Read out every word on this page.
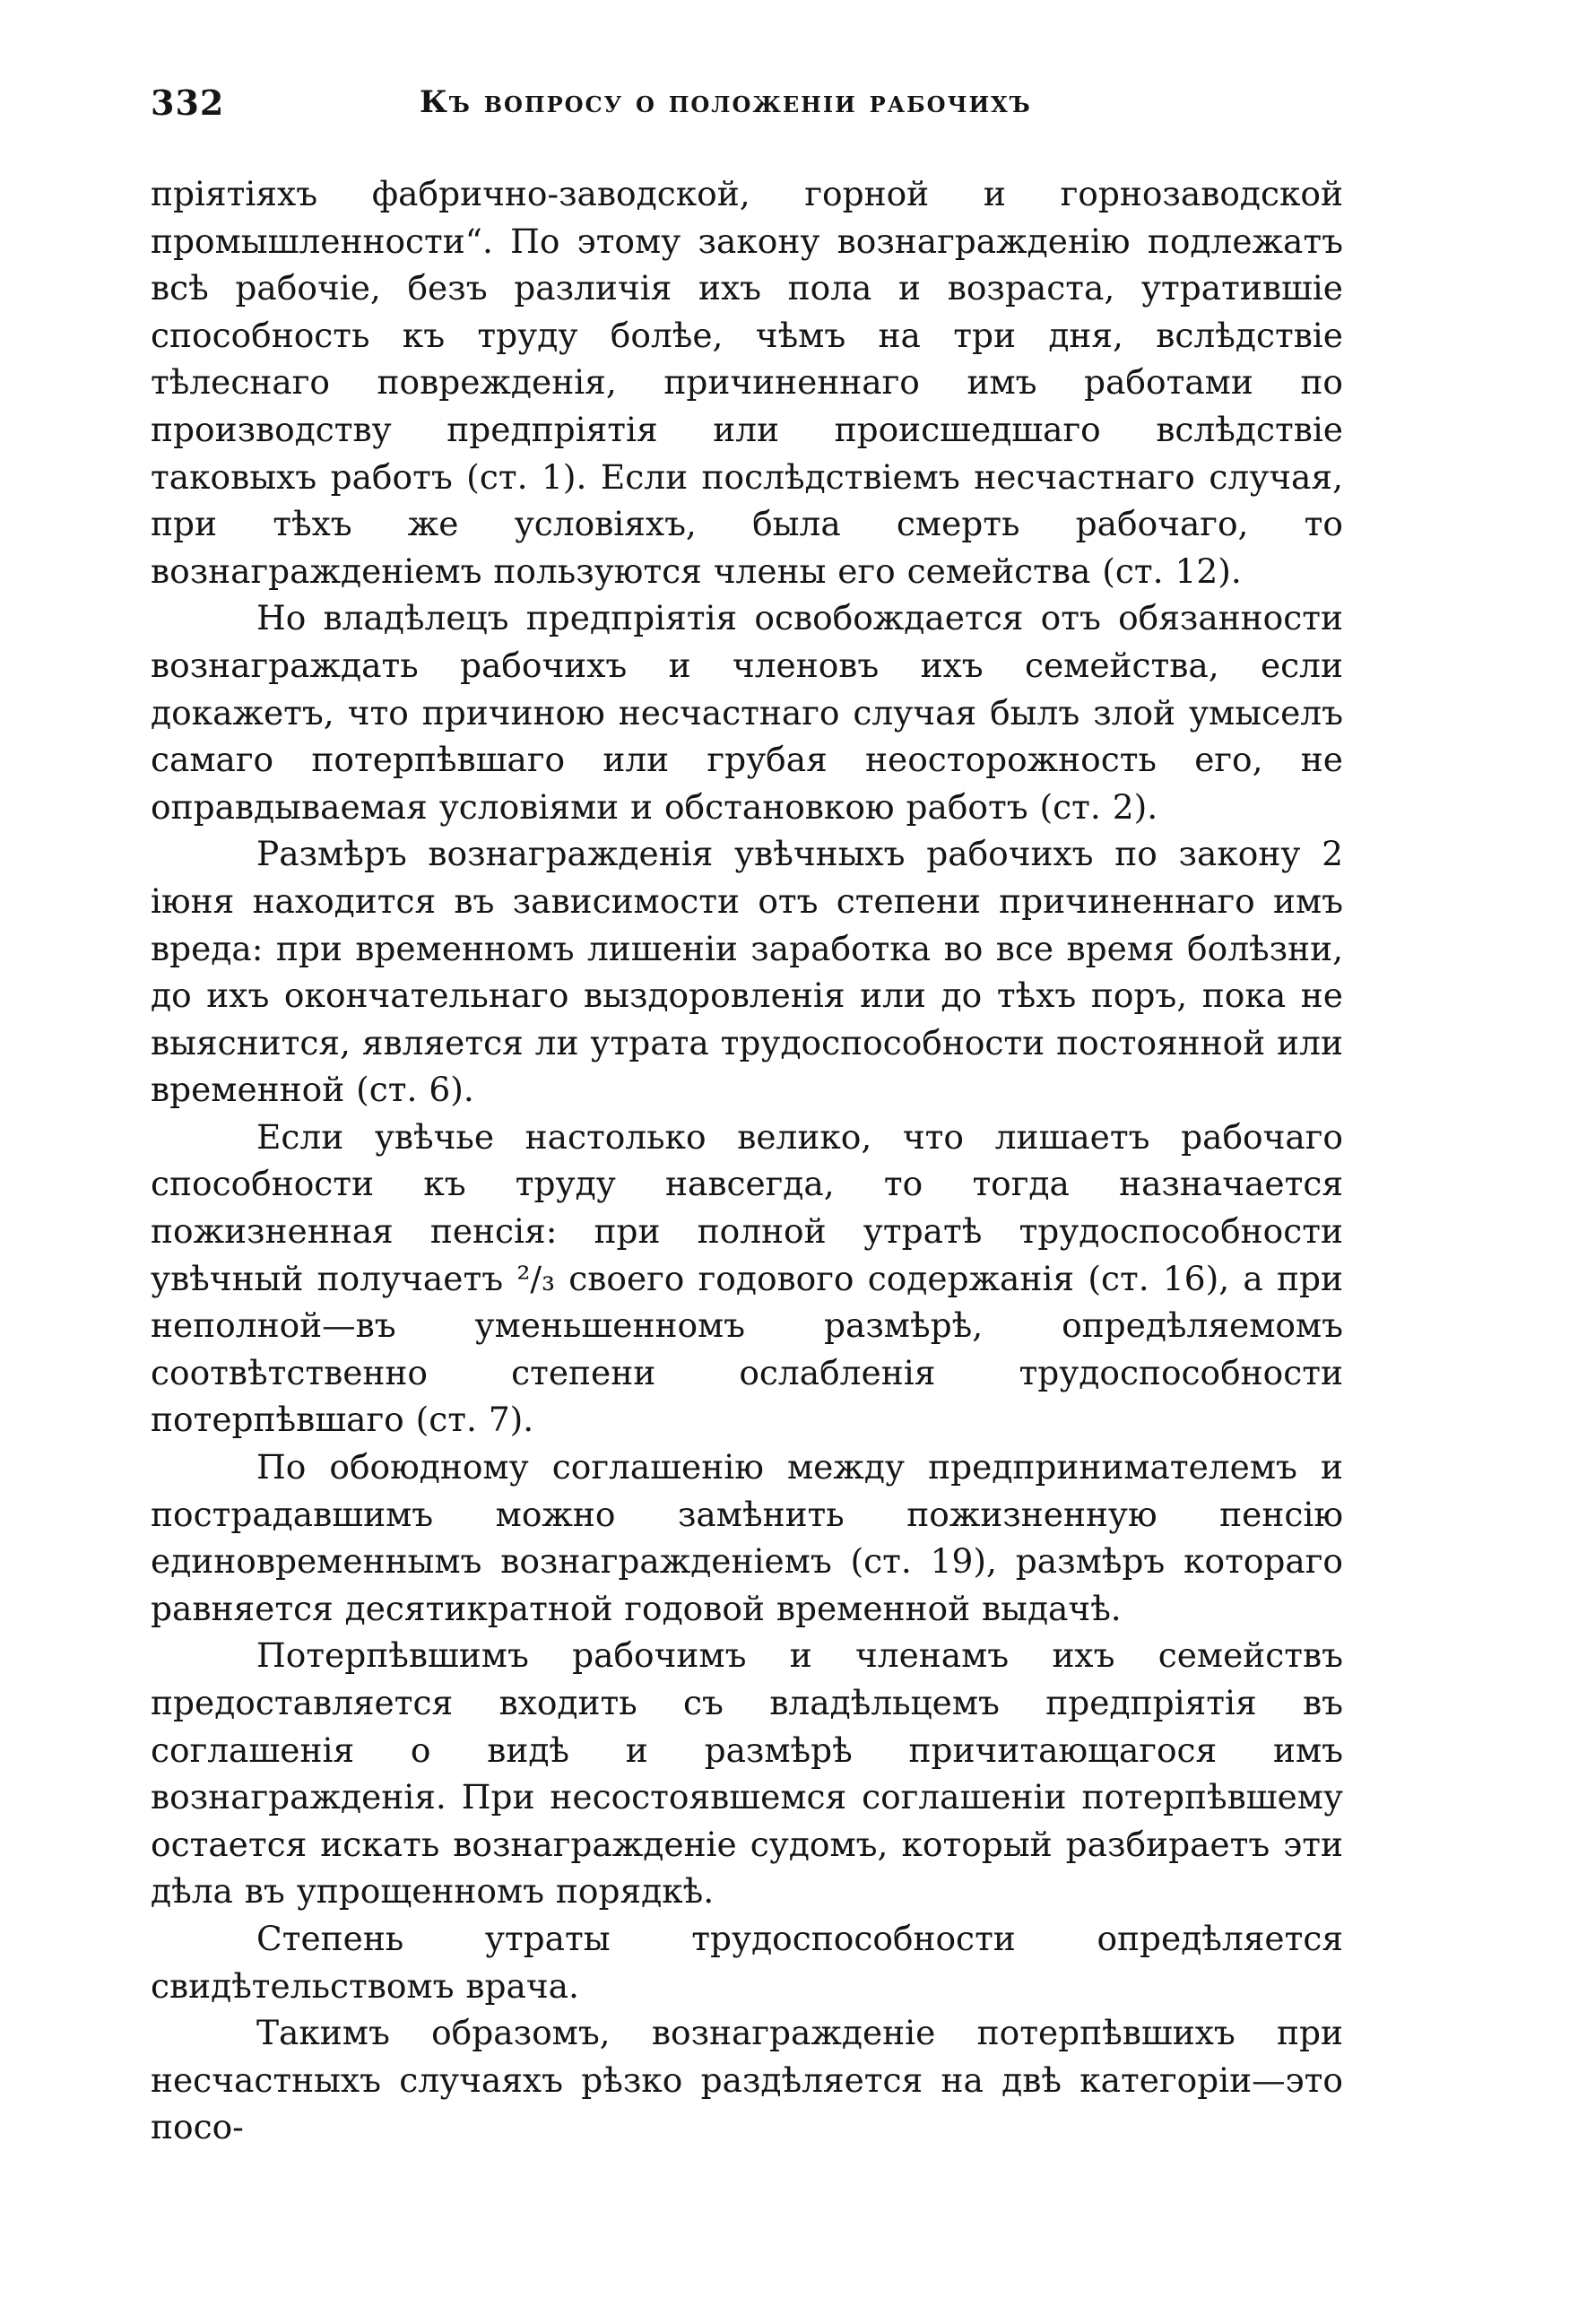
332	Къ вопросу о положенiи рабочихъ

прiятiяхъ фабрично-заводской, горной и горнозаводской промышленности“. По этому закону вознагражденiю подлежатъ всѣ рабочiе, безъ различiя ихъ пола и возраста, утратившiе способность къ труду болѣе, чѣмъ на три дня, вслѣдствiе тѣлеснаго поврежденiя, причиненнаго имъ работами по производству предпрiятiя или происшедшаго вслѣдствiе таковыхъ работъ (ст. 1). Если послѣдствiемъ несчастнаго случая, при тѣхъ же условiяхъ, была смерть рабочаго, то вознагражденiемъ пользуются члены его семейства (ст. 12).

Но владѣлецъ предпрiятiя освобождается отъ обязанности вознаграждать рабочихъ и членовъ ихъ семейства, если докажетъ, что причиною несчастнаго случая былъ злой умыселъ самаго потерпѣвшаго или грубая неосторожность его, не оправдываемая условiями и обстановкою работъ (ст. 2).

Размѣръ вознагражденiя увѣчныхъ рабочихъ по закону 2 iюня находится въ зависимости отъ степени причиненнаго имъ вреда: при временномъ лишенiи заработка во все время болѣзни, до ихъ окончательнаго выздоровленiя или до тѣхъ поръ, пока не выяснится, является ли утрата трудоспособности постоянной или временной (ст. 6).

Если увѣчье настолько велико, что лишаетъ рабочаго способности къ труду навсегда, то тогда назначается пожизненная пенсiя: при полной утратѣ трудоспособности увѣчный получаетъ ²/₃ своего годового содержанiя (ст. 16), а при неполной—въ уменьшенномъ размѣрѣ, опредѣляемомъ соотвѣтственно степени ослабленiя трудоспособности потерпѣвшаго (ст. 7).

По обоюдному соглашенiю между предпринимателемъ и пострадавшимъ можно замѣнить пожизненную пенсiю единовременнымъ вознагражденiемъ (ст. 19), размѣръ котораго равняется десятикратной годовой временной выдачѣ.

Потерпѣвшимъ рабочимъ и членамъ ихъ семействъ предоставляется входить съ владѣльцемъ предпрiятiя въ соглашенiя о видѣ и размѣрѣ причитающагося имъ вознагражденiя. При несостоявшемся соглашенiи потерпѣвшему остается искать вознагражденiе судомъ, который разбираетъ эти дѣла въ упрощенномъ порядкѣ.

Степень утраты трудоспособности опредѣляется свидѣтельствомъ врача.

Такимъ образомъ, вознагражденiе потерпѣвшихъ при несчастныхъ случаяхъ рѣзко раздѣляется на двѣ категорiи—это посо-
